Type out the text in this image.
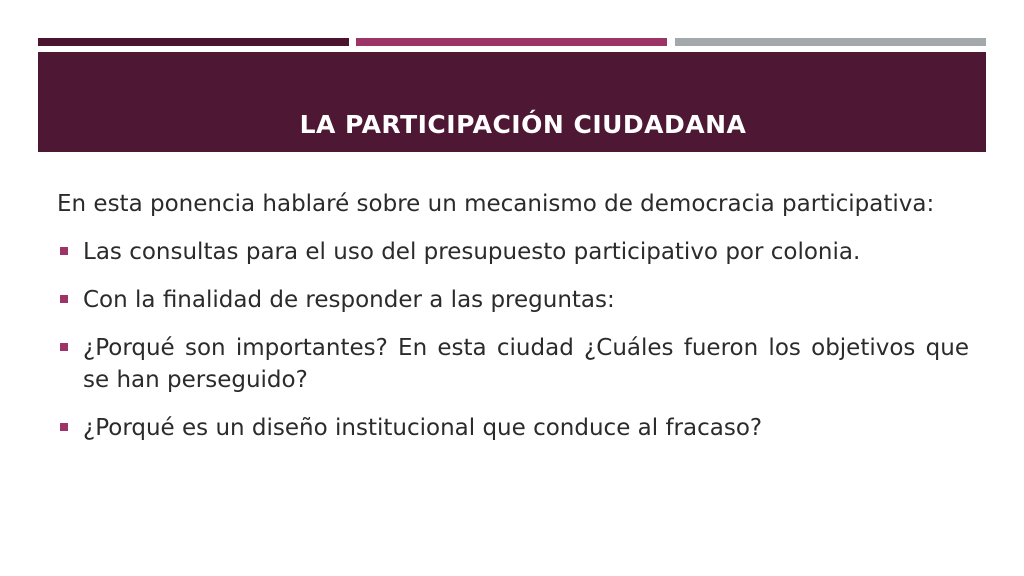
LA PARTICIPACIÓN CIUDADANA

En esta ponencia hablaré sobre un mecanismo de democracia participativa:

Las consultas para el uso del presupuesto participativo por colonia.
Con la finalidad de responder a las preguntas:
¿Porqué son importantes? En esta ciudad ¿Cuáles fueron los objetivos que se han perseguido?
¿Porqué es un diseño institucional que conduce al fracaso?
